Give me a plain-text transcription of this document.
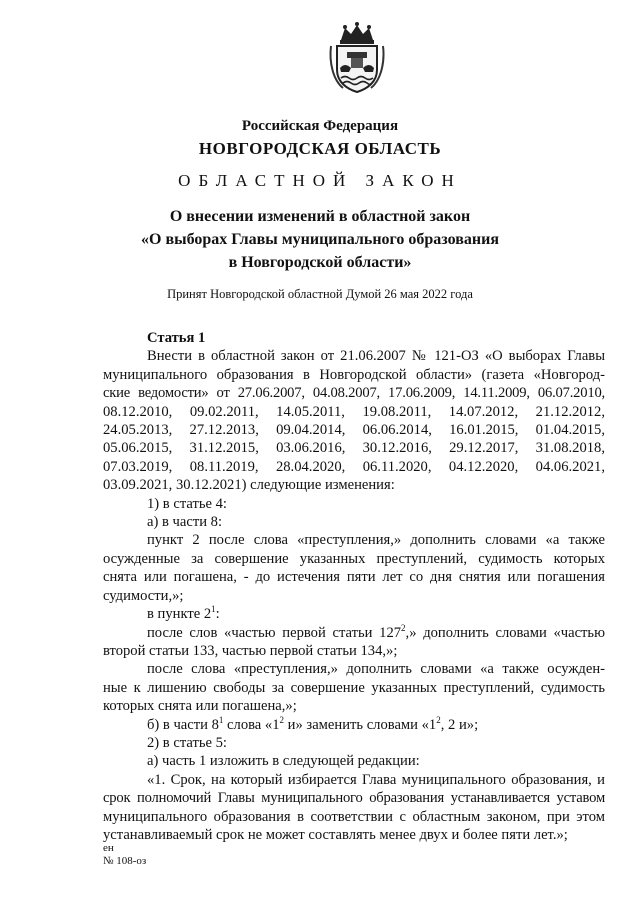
Российская Федерация

НОВГОРОДСКАЯ ОБЛАСТЬ

ОБЛАСТНОЙ ЗАКОН

О внесении изменений в областной закон
«О выборах Главы муниципального образования
в Новгородской области»

Принят Новгородской областной Думой 26 мая 2022 года

Статья 1

Внести в областной закон от 21.06.2007 № 121-ОЗ «О выборах Главы

муниципального образования в Новгородской области» (газета «Новгород-

ские ведомости» от 27.06.2007, 04.08.2007, 17.06.2009, 14.11.2009, 06.07.2010,

08.12.2010, 09.02.2011, 14.05.2011, 19.08.2011, 14.07.2012, 21.12.2012,

24.05.2013, 27.12.2013, 09.04.2014, 06.06.2014, 16.01.2015, 01.04.2015,

05.06.2015, 31.12.2015, 03.06.2016, 30.12.2016, 29.12.2017, 31.08.2018,

07.03.2019, 08.11.2019, 28.04.2020, 06.11.2020, 04.12.2020, 04.06.2021,

03.09.2021, 30.12.2021) следующие изменения:

1) в статье 4:

а) в части 8:

пункт 2 после слова «преступления,» дополнить словами «а также

осужденные за совершение указанных преступлений, судимость которых

снята или погашена, - до истечения пяти лет со дня снятия или погашения

судимости,»;

в пункте $2^1$:

после слов «частью первой статьи $127^2$,» дополнить словами «частью

второй статьи 133, частью первой статьи 134,»;

после слова «преступления,» дополнить словами «а также осужден-

ные к лишению свободы за совершение указанных преступлений, судимость

которых снята или погашена,»;

б) в части $8^1$ слова «$1^2$ и» заменить словами «$1^2$, 2 и»;

2) в статье 5:

а) часть 1 изложить в следующей редакции:

«1. Срок, на который избирается Глава муниципального образования, и

срок полномочий Главы муниципального образования устанавливается уставом

муниципального образования в соответствии с областным законом, при этом

устанавливаемый срок не может составлять менее двух и более пяти лет.»;

ен
№ 108-оз
